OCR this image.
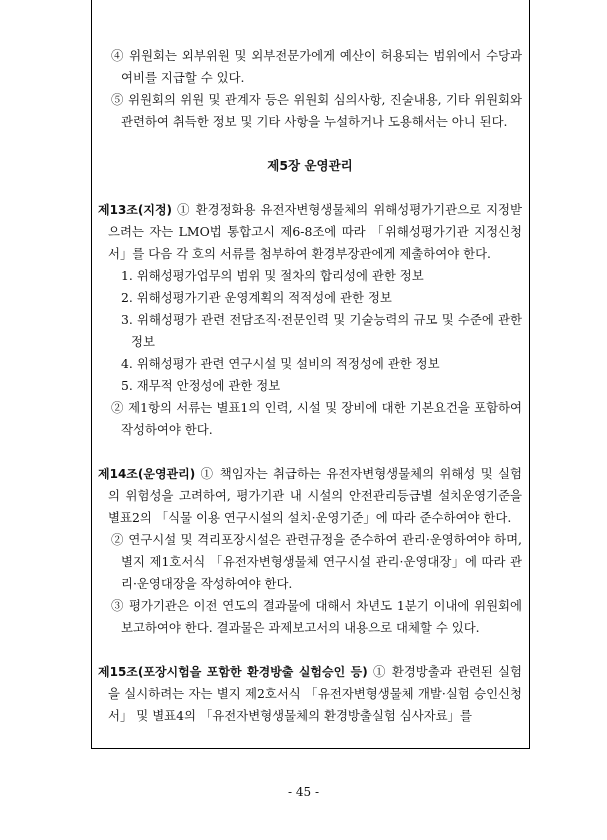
④ 위원회는 외부위원 및 외부전문가에게 예산이 허용되는 범위에서 수당과 여비를 지급할 수 있다.

⑤ 위원회의 위원 및 관계자 등은 위원회 심의사항, 진술내용, 기타 위원회와 관련하여 취득한 정보 및 기타 사항을 누설하거나 도용해서는 아니 된다.

제5장 운영관리

제13조(지정) ① 환경정화용 유전자변형생물체의 위해성평가기관으로 지정받으려는 자는 LMO법 통합고시 제6-8조에 따라 「위해성평가기관 지정신청서」를 다음 각 호의 서류를 첨부하여 환경부장관에게 제출하여야 한다.

1. 위해성평가업무의 범위 및 절차의 합리성에 관한 정보

2. 위해성평가기관 운영계획의 적적성에 관한 정보

3. 위해성평가 관련 전담조직·전문인력 및 기술능력의 규모 및 수준에 관한 정보

4. 위해성평가 관련 연구시설 및 설비의 적정성에 관한 정보

5. 재무적 안정성에 관한 정보

② 제1항의 서류는 별표1의 인력, 시설 및 장비에 대한 기본요건을 포함하여 작성하여야 한다.

제14조(운영관리) ① 책임자는 취급하는 유전자변형생물체의 위해성 및 실험의 위험성을 고려하여, 평가기관 내 시설의 안전관리등급별 설치운영기준을 별표2의 「식물 이용 연구시설의 설치·운영기준」에 따라 준수하여야 한다.

② 연구시설 및 격리포장시설은 관련규정을 준수하여 관리·운영하여야 하며, 별지 제1호서식 「유전자변형생물체 연구시설 관리·운영대장」에 따라 관리·운영대장을 작성하여야 한다.

③ 평가기관은 이전 연도의 결과물에 대해서 차년도 1분기 이내에 위원회에 보고하여야 한다. 결과물은 과제보고서의 내용으로 대체할 수 있다.

제15조(포장시험을 포함한 환경방출 실험승인 등) ① 환경방출과 관련된 실험을 실시하려는 자는 별지 제2호서식 「유전자변형생물체 개발·실험 승인신청서」 및 별표4의 「유전자변형생물체의 환경방출실험 심사자료」를

- 45 -
